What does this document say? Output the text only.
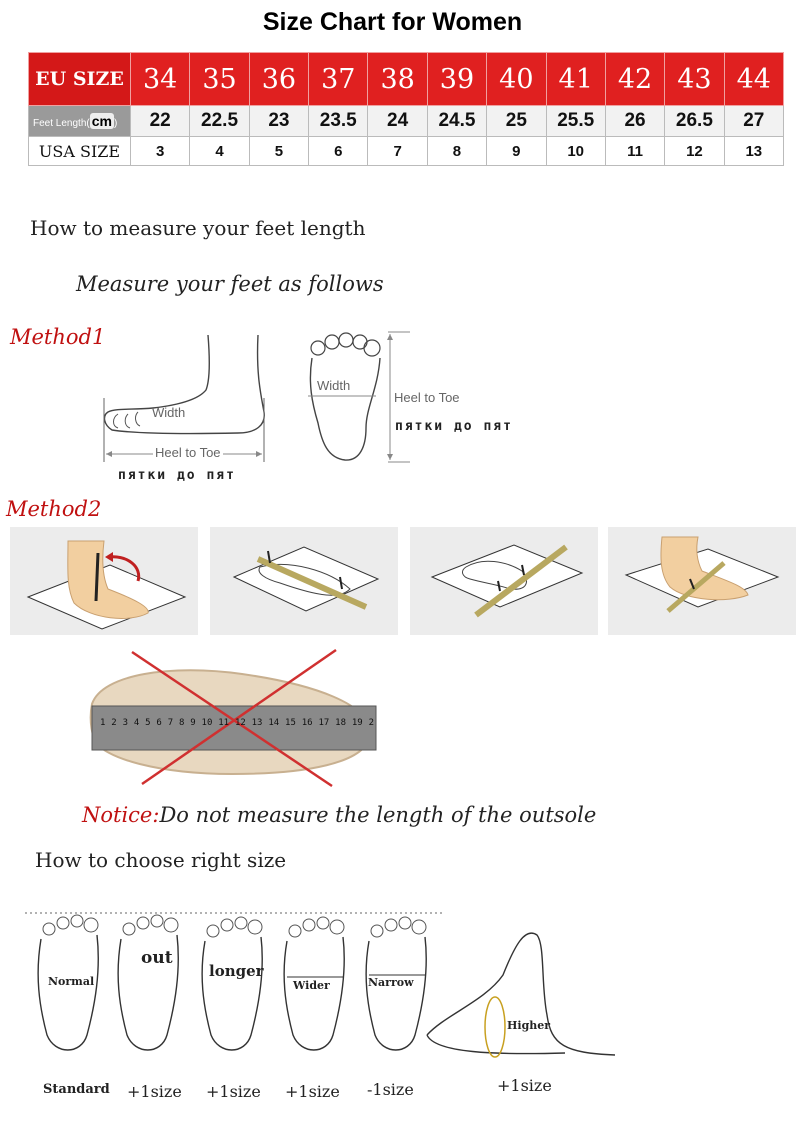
Size Chart for Women
EU SIZE	34	35	36	37	38	39	40	41	42	43	44
Feet Length( cm )	22	22.5	23	23.5	24	24.5	25	25.5	26	26.5	27
USA SIZE	3	4	5	6	7	8	9	10	11	12	13
How to measure your feet length
Measure your feet as follows
Method1
Width
Heel to Toe
пятки до пят
Width
Heel to Toe
пятки до пят
Method2
1 2 3 4 5 6 7 8 9 10 11 12 13 14 15 16 17 18 19 2
Notice:Do not measure the length of the outsole
How to choose right size
Normal
out
longer
Wider	Narrow
Higher
Standard +1size +1size +1size -1size	+1size
